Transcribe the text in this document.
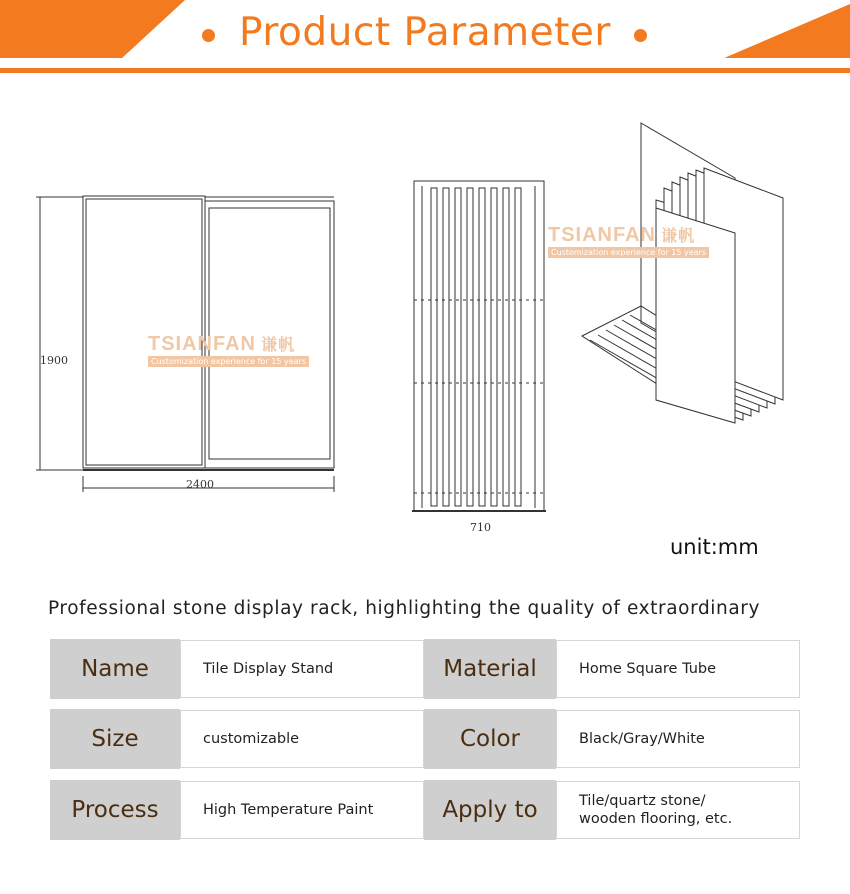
Product Parameter
1900
2400
710
TSIANFAN 谦帆
Customization experience for 15 years
TSIANFAN 谦帆
Customization experience for 15 years
unit:mm
Professional stone display rack, highlighting the quality of extraordinary
Name	Tile Display Stand	Material	Home Square Tube
Size	customizable	Color	Black/Gray/White
Process	High Temperature Paint	Apply to	Tile/quartz stone/
wooden flooring, etc.
